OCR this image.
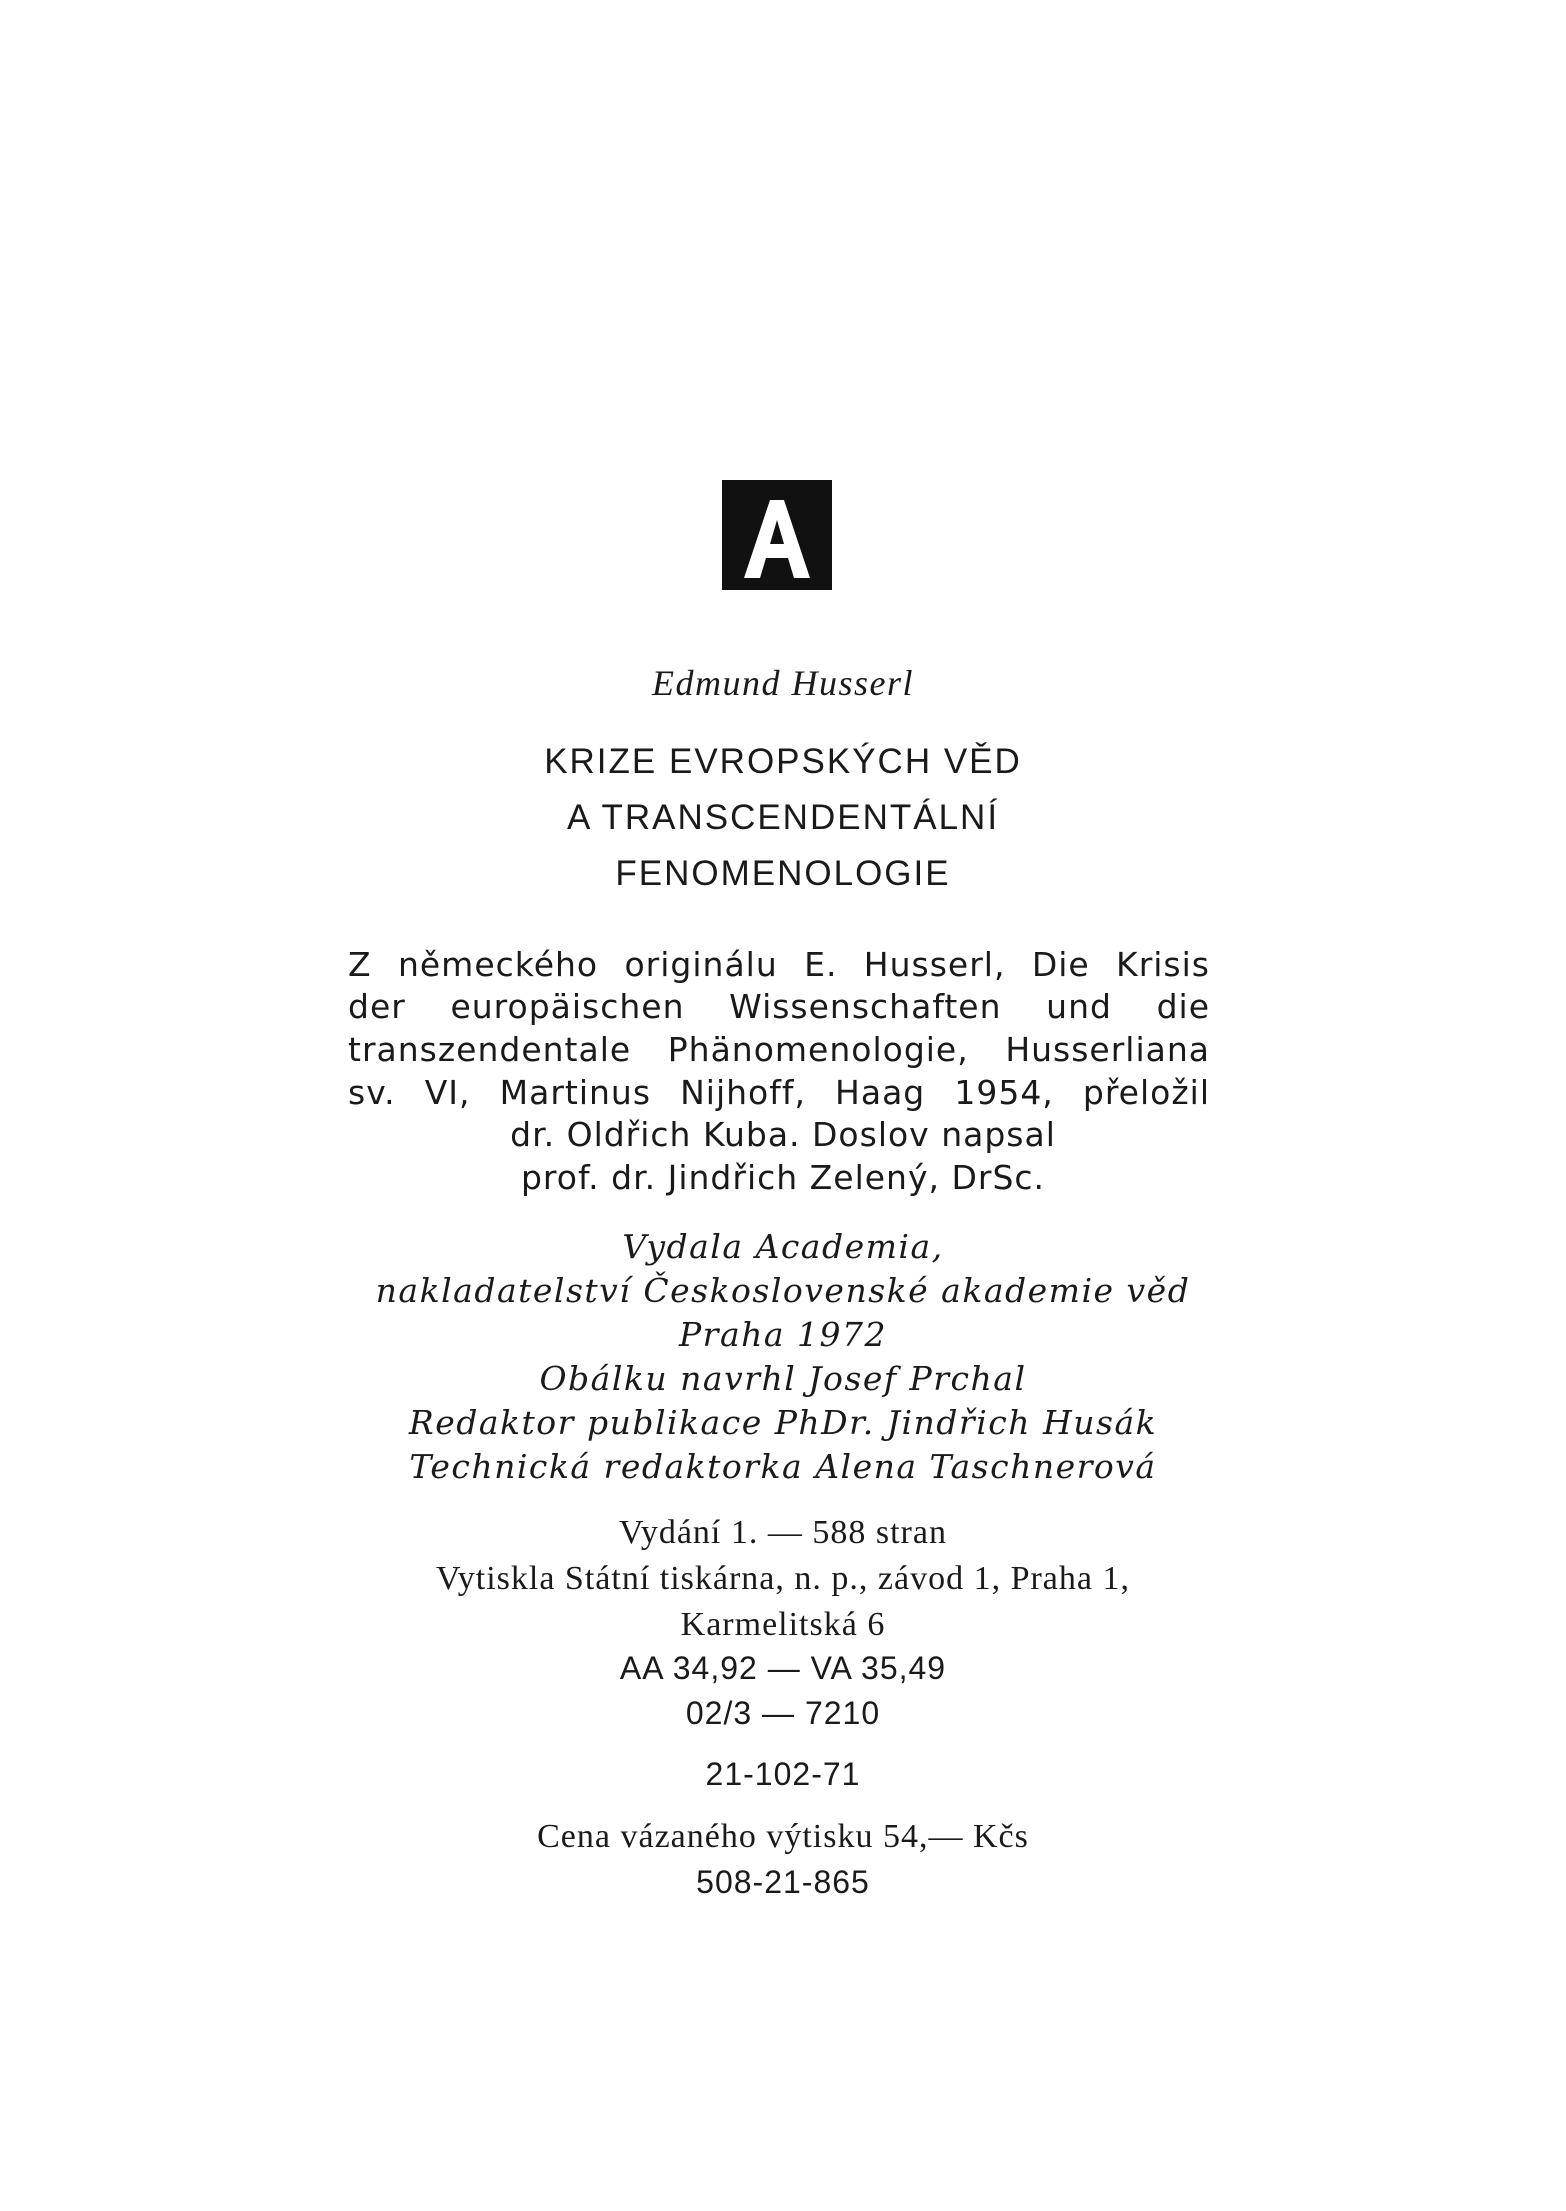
Edmund Husserl
KRIZE EVROPSKÝCH VĚD
A TRANSCENDENTÁLNÍ
FENOMENOLOGIE
Z německého originálu E. Husserl, Die Krisis
der europäischen Wissenschaften und die
transzendentale Phänomenologie, Husserliana
sv. VI, Martinus Nijhoff, Haag 1954, přeložil
dr. Oldřich Kuba. Doslov napsal
prof. dr. Jindřich Zelený, DrSc.
Vydala Academia,
nakladatelství Československé akademie věd
Praha 1972
Obálku navrhl Josef Prchal
Redaktor publikace PhDr. Jindřich Husák
Technická redaktorka Alena Taschnerová
Vydání 1. — 588 stran
Vytiskla Státní tiskárna, n. p., závod 1, Praha 1,
Karmelitská 6
AA 34,92 — VA 35,49
02/3 — 7210
21-102-71
Cena vázaného výtisku 54,— Kčs
508-21-865
